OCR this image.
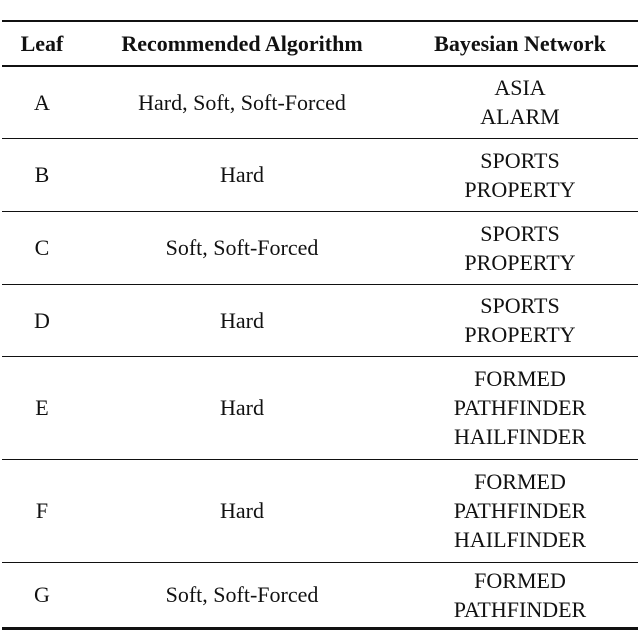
Leaf	Recommended Algorithm	Bayesian Network
A	Hard, Soft, Soft-Forced	ASIA
ALARM

B	Hard	SPORTS
PROPERTY

C	Soft, Soft-Forced	SPORTS
PROPERTY

D	Hard	SPORTS
PROPERTY

E	Hard	FORMED
PATHFINDER
HAILFINDER

F	Hard	FORMED
PATHFINDER
HAILFINDER

G	Soft, Soft-Forced	FORMED
PATHFINDER
